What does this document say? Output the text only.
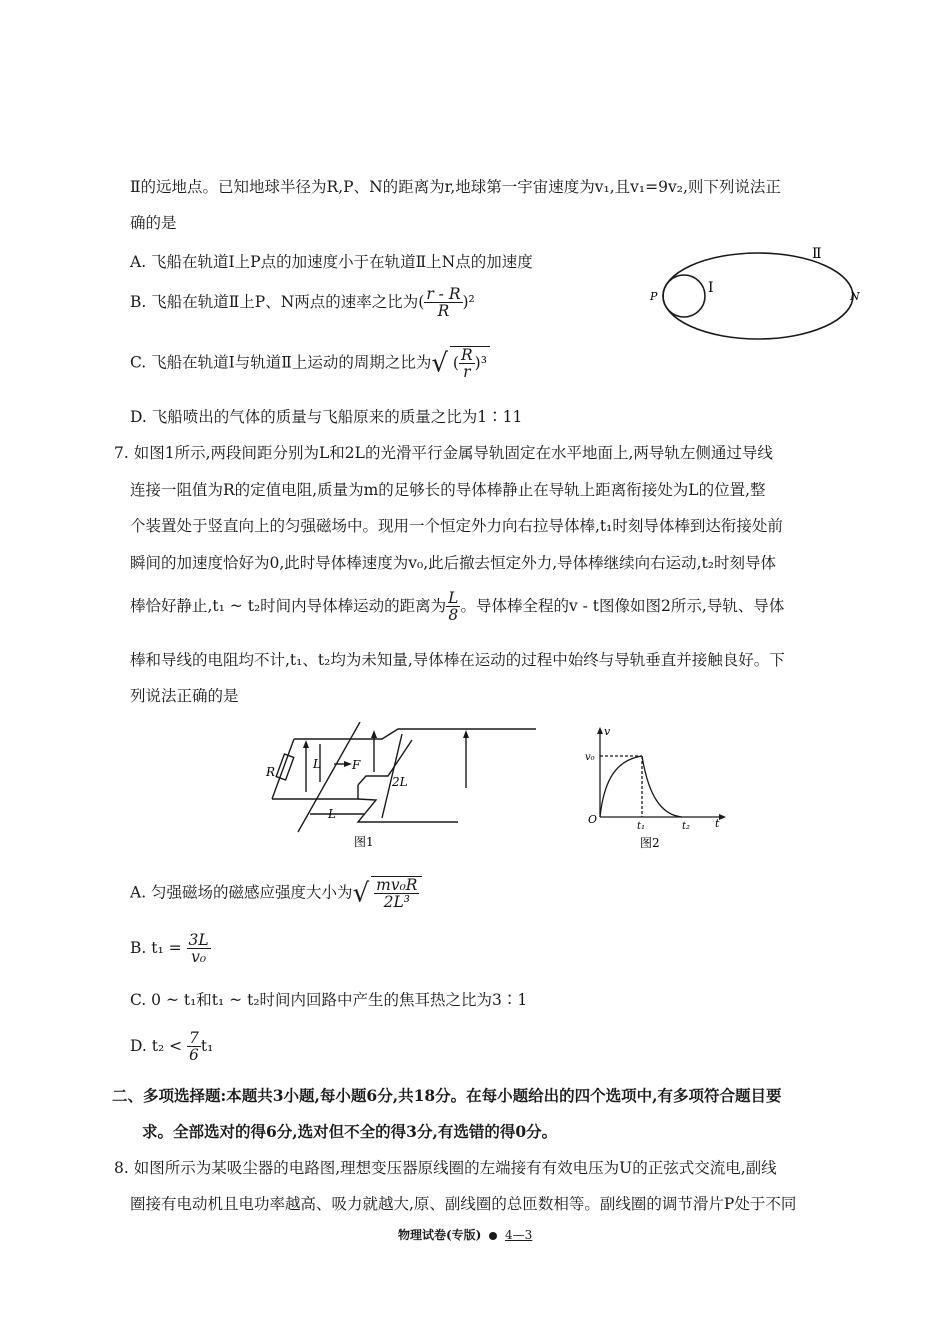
Ⅱ的远地点。已知地球半径为R,P、N的距离为r,地球第一宇宙速度为v₁,且v₁=9v₂,则下列说法正
确的是
A. 飞船在轨道Ⅰ上P点的加速度小于在轨道Ⅱ上N点的加速度
B. 飞船在轨道Ⅱ上P、N两点的速率之比为( $\frac{r - R}{R} )^2$
C. 飞船在轨道Ⅰ与轨道Ⅱ上运动的周期之比为√ ( $\frac{R}{r} )^3$
D. 飞船喷出的气体的质量与飞船原来的质量之比为1∶11
Ⅰ
Ⅱ
P	N
7. 如图1所示,两段间距分别为L和2L的光滑平行金属导轨固定在水平地面上,两导轨左侧通过导线
连接一阻值为R的定值电阻,质量为m的足够长的导体棒静止在导轨上距离衔接处为L的位置,整
个装置处于竖直向上的匀强磁场中。现用一个恒定外力向右拉导体棒,t₁时刻导体棒到达衔接处前
瞬间的加速度恰好为0,此时导体棒速度为v₀,此后撤去恒定外力,导体棒继续向右运动,t₂时刻导体
棒恰好静止,t₁ ~ t₂时间内导体棒运动的距离为 $\frac{L}{8}$ 。导体棒全程的v - t图像如图2所示,导轨、导体
棒和导线的电阻均不计,t₁、t₂均为未知量,导体棒在运动的过程中始终与导轨垂直并接触良好。下
列说法正确的是
R
L	F
2L
L
图1
v
v₀
O
t₁	t₂ t
图2
A. 匀强磁场的磁感应强度大小为√ $\frac{\text{mv₀R}}{\text{2L³}}$
B. $t_1 = \frac{3L}{\text{v₀}}$
C. 0 ~ t₁和t₁ ~ t₂时间内回路中产生的焦耳热之比为3∶1
D. $t_2 < \frac{7}{6} t_1$
二、多项选择题:本题共3小题,每小题6分,共18分。在每小题给出的四个选项中,有多项符合题目要
求。全部选对的得6分,选对但不全的得3分,有选错的得0分。
8. 如图所示为某吸尘器的电路图,理想变压器原线圈的左端接有有效电压为U的正弦式交流电,副线
圈接有电动机且电功率越高、吸力就越大,原、副线圈的总匝数相等。副线圈的调节滑片P处于不同
物理试卷(专版) 4—3
